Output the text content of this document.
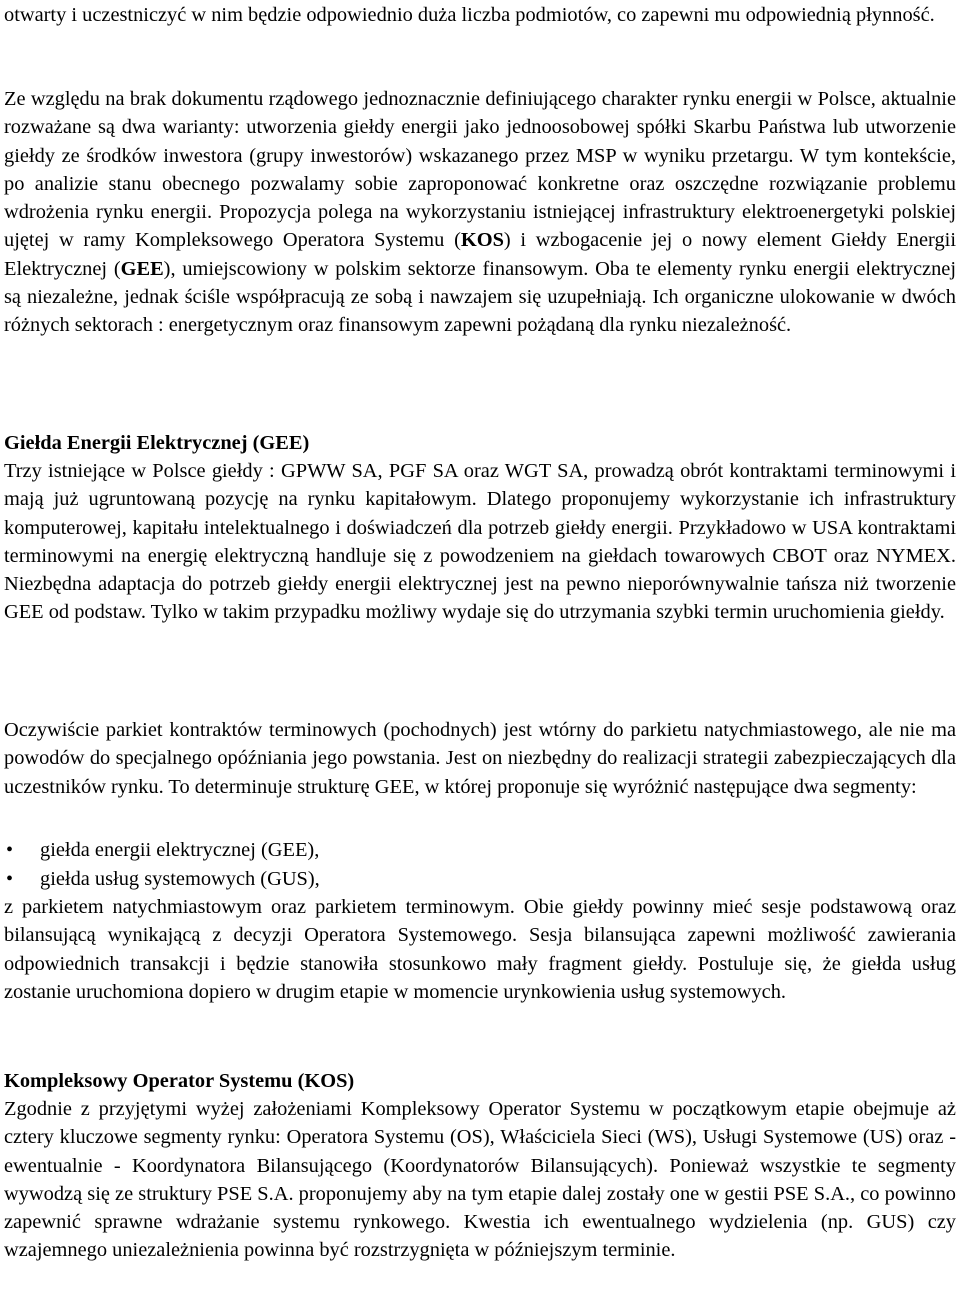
otwarty i uczestniczyć w nim będzie odpowiednio duża liczba podmiotów, co zapewni mu odpowiednią płynność.

Ze względu na brak dokumentu rządowego jednoznacznie definiującego charakter rynku energii w Polsce, aktualnie rozważane są dwa warianty: utworzenia giełdy energii jako jednoosobowej spółki Skarbu Państwa lub utworzenie giełdy ze środków inwestora (grupy inwestorów) wskazanego przez MSP w wyniku przetargu. W tym kontekście, po analizie stanu obecnego pozwalamy sobie zaproponować konkretne oraz oszczędne rozwiązanie problemu wdrożenia rynku energii. Propozycja polega na wykorzystaniu istniejącej infrastruktury elektroenergetyki polskiej ujętej w ramy Kompleksowego Operatora Systemu (KOS) i wzbogacenie jej o nowy element Giełdy Energii Elektrycznej (GEE), umiejscowiony w polskim sektorze finansowym. Oba te elementy rynku energii elektrycznej są niezależne, jednak ściśle współpracują ze sobą i nawzajem się uzupełniają. Ich organiczne ulokowanie w dwóch różnych sektorach : energetycznym oraz finansowym zapewni pożądaną dla rynku niezależność.

Giełda Energii Elektrycznej (GEE)

Trzy istniejące w Polsce giełdy : GPWW SA, PGF SA oraz WGT SA, prowadzą obrót kontraktami terminowymi i mają już ugruntowaną pozycję na rynku kapitałowym. Dlatego proponujemy wykorzystanie ich infrastruktury komputerowej, kapitału intelektualnego i doświadczeń dla potrzeb giełdy energii. Przykładowo w USA kontraktami terminowymi na energię elektryczną handluje się z powodzeniem na giełdach towarowych CBOT oraz NYMEX. Niezbędna adaptacja do potrzeb giełdy energii elektrycznej jest na pewno nieporównywalnie tańsza niż tworzenie GEE od podstaw. Tylko w takim przypadku możliwy wydaje się do utrzymania szybki termin uruchomienia giełdy.

Oczywiście parkiet kontraktów terminowych (pochodnych) jest wtórny do parkietu natychmiastowego, ale nie ma powodów do specjalnego opóźniania jego powstania. Jest on niezbędny do realizacji strategii zabezpieczających dla uczestników rynku. To determinuje strukturę GEE, w której proponuje się wyróżnić następujące dwa segmenty:

• giełda energii elektrycznej (GEE),
• giełda usług systemowych (GUS),

z parkietem natychmiastowym oraz parkietem terminowym. Obie giełdy powinny mieć sesje podstawową oraz bilansującą wynikającą z decyzji Operatora Systemowego. Sesja bilansująca zapewni możliwość zawierania odpowiednich transakcji i będzie stanowiła stosunkowo mały fragment giełdy. Postuluje się, że giełda usług zostanie uruchomiona dopiero w drugim etapie w momencie urynkowienia usług systemowych.

Kompleksowy Operator Systemu (KOS)

Zgodnie z przyjętymi wyżej założeniami Kompleksowy Operator Systemu w początkowym etapie obejmuje aż cztery kluczowe segmenty rynku: Operatora Systemu (OS), Właściciela Sieci (WS), Usługi Systemowe (US) oraz - ewentualnie - Koordynatora Bilansującego (Koordynatorów Bilansujących). Ponieważ wszystkie te segmenty wywodzą się ze struktury PSE S.A. proponujemy aby na tym etapie dalej zostały one w gestii PSE S.A., co powinno zapewnić sprawne wdrażanie systemu rynkowego. Kwestia ich ewentualnego wydzielenia (np. GUS) czy wzajemnego uniezależnienia powinna być rozstrzygnięta w późniejszym terminie.
